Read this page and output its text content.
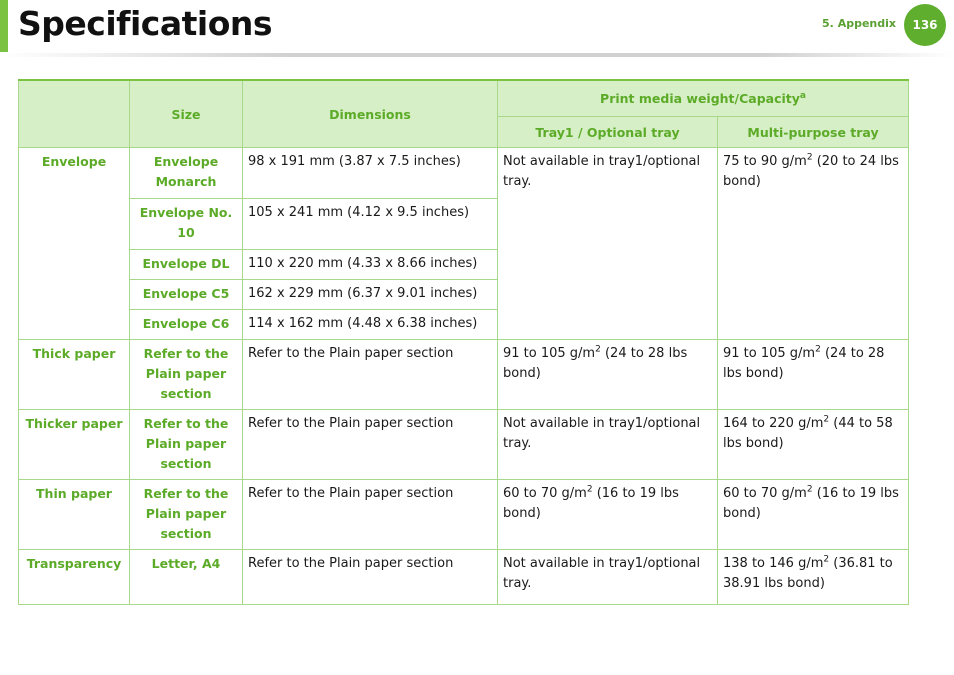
Specifications	5. Appendix	136
	Size	Dimensions	Print media weight/Capacity$^a$
			Tray1 / Optional tray	Multi-purpose tray
Envelope	Envelope Monarch	98 x 191 mm (3.87 x 7.5 inches)	Not available in tray1/optional tray.	75 to 90 $g/m^2$ (20 to 24 lbs bond)
	Envelope No. 10	105 x 241 mm (4.12 x 9.5 inches)		
	Envelope DL	110 x 220 mm (4.33 x 8.66 inches)		
	Envelope C5	162 x 229 mm (6.37 x 9.01 inches)		
	Envelope C6	114 x 162 mm (4.48 x 6.38 inches)		
Thick paper	Refer to the Plain paper section	Refer to the Plain paper section	91 to 105 $g/m^2$ (24 to 28 lbs bond)	91 to 105 $g/m^2$ (24 to 28 lbs bond)
Thicker paper	Refer to the Plain paper section	Refer to the Plain paper section	Not available in tray1/optional tray.	164 to 220 $g/m^2$ (44 to 58 lbs bond)
Thin paper	Refer to the Plain paper section	Refer to the Plain paper section	60 to 70 $g/m^2$ (16 to 19 lbs bond)	60 to 70 $g/m^2$ (16 to 19 lbs bond)
Transparency	Letter, A4	Refer to the Plain paper section	Not available in tray1/optional tray.	138 to 146 $g/m^2$ (36.81 to 38.91 lbs bond)
